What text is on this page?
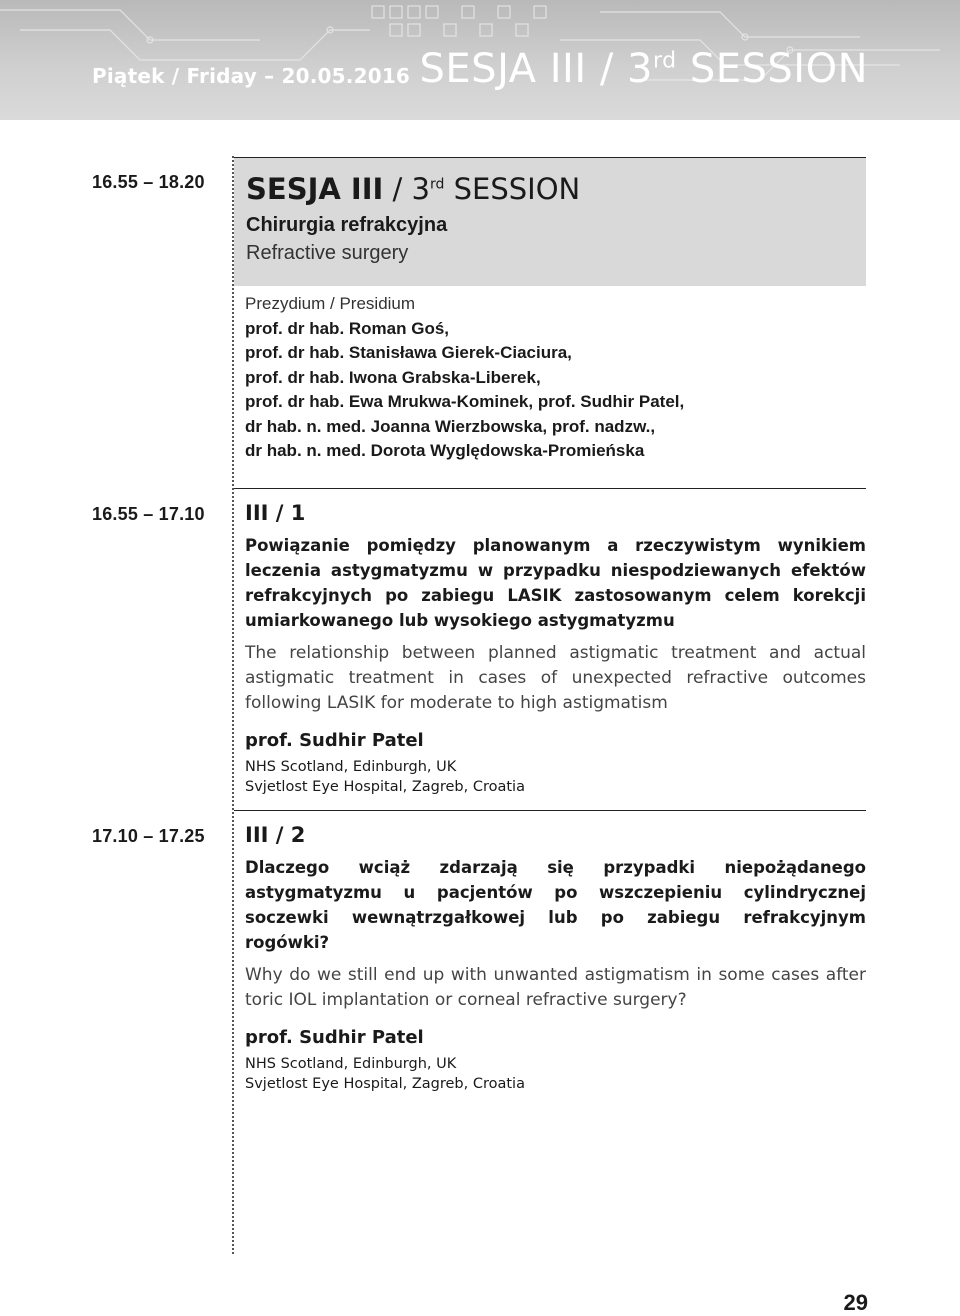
Piątek / Friday – 20.05.2016 SESJA III / 3rd SESSION
16.55 – 18.20 SESJA III / 3rd SESSION
Chirurgia refrakcyjna
Refractive surgery
Prezydium / Presidium
prof. dr hab. Roman Goś,
prof. dr hab. Stanisława Gierek-Ciaciura,
prof. dr hab. Iwona Grabska-Liberek,
prof. dr hab. Ewa Mrukwa-Kominek, prof. Sudhir Patel,
dr hab. n. med. Joanna Wierzbowska, prof. nadzw.,
dr hab. n. med. Dorota Wyględowska-Promieńska
16.55 – 17.10 III / 1
Powiązanie pomiędzy planowanym a rzeczywistym wynikiem leczenia astygmatyzmu w przypadku niespodziewanych efektów refrakcyjnych po zabiegu LASIK zastosowanym celem korekcji umiarkowanego lub wysokiego astygmatyzmu
The relationship between planned astigmatic treatment and actual astigmatic treatment in cases of unexpected refractive outcomes following LASIK for moderate to high astigmatism
prof. Sudhir Patel
NHS Scotland, Edinburgh, UK
Svjetlost Eye Hospital, Zagreb, Croatia
17.10 – 17.25 III / 2
Dlaczego wciąż zdarzają się przypadki niepożądanego astygmatyzmu u pacjentów po wszczepieniu cylindrycznej soczewki wewnątrzgałkowej lub po zabiegu refrakcyjnym rogówki?
Why do we still end up with unwanted astigmatism in some cases after toric IOL implantation or corneal refractive surgery?
prof. Sudhir Patel
NHS Scotland, Edinburgh, UK
Svjetlost Eye Hospital, Zagreb, Croatia
29
